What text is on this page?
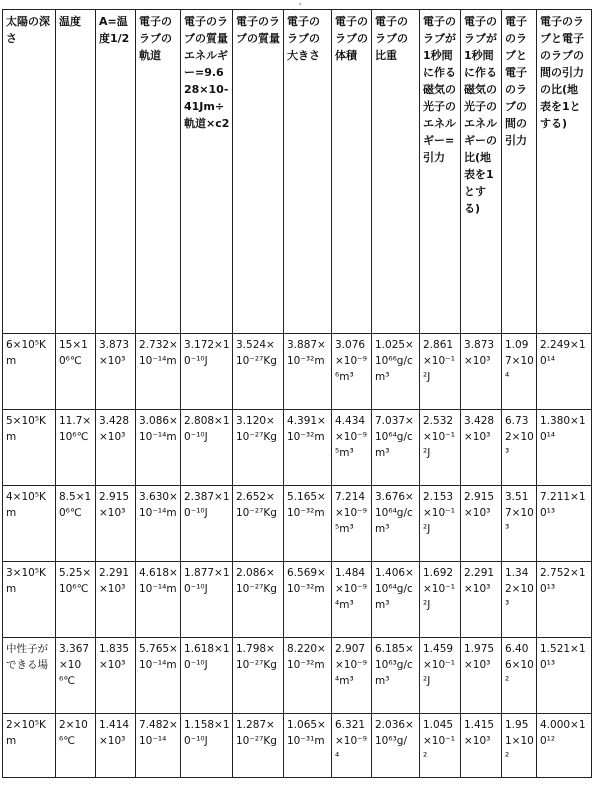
'
太陽の深さ	温度	A=温度1/2	電子のラブの軌道	電子のラブの質量エネルギー=9.628×10-41Jm÷軌道×c2	電子のラブの質量	電子のラブの大きさ	電子のラブの体積	電子のラブの比重	電子のラブが1秒間に作る磁気の光子のエネルギー=引力	電子のラブが1秒間に作る磁気の光子のエネルギーの比(地表を1とする)	電子のラブと電子のラブの間の引力	電子のラブと電子のラブの間の引力の比(地表を1とする)
6×10⁵Km	15×10⁶℃	3.873×10³	2.732×10⁻¹⁴m	3.172×10⁻¹⁰J	3.524×10⁻²⁷Kg	3.887×10⁻³²m	3.076×10⁻⁹⁶m³	1.025×10⁶⁶g/cm³	2.861×10⁻¹²J	3.873×10³	1.097×10⁴	2.249×10¹⁴
5×10⁵Km	11.7×10⁶℃	3.428×10³	3.086×10⁻¹⁴m	2.808×10⁻¹⁰J	3.120×10⁻²⁷Kg	4.391×10⁻³²m	4.434×10⁻⁹⁵m³	7.037×10⁶⁴g/cm³	2.532×10⁻¹²J	3.428×10³	6.732×10³	1.380×10¹⁴
4×10⁵Km	8.5×10⁶℃	2.915×10³	3.630×10⁻¹⁴m	2.387×10⁻¹⁰J	2.652×10⁻²⁷Kg	5.165×10⁻³²m	7.214×10⁻⁹⁵m³	3.676×10⁶⁴g/cm³	2.153×10⁻¹²J	2.915×10³	3.517×10³	7.211×10¹³
3×10⁵Km	5.25×10⁶℃	2.291×10³	4.618×10⁻¹⁴m	1.877×10⁻¹⁰J	2.086×10⁻²⁷Kg	6.569×10⁻³²m	1.484×10⁻⁹⁴m³	1.406×10⁶⁴g/cm³	1.692×10⁻¹²J	2.291×10³	1.342×10³	2.752×10¹³
中性子ができる場	3.367×10⁶℃	1.835×10³	5.765×10⁻¹⁴m	1.618×10⁻¹⁰J	1.798×10⁻²⁷Kg	8.220×10⁻³²m	2.907×10⁻⁹⁴m³	6.185×10⁶³g/cm³	1.459×10⁻¹²J	1.975×10³	6.406×10²	1.521×10¹³
2×10⁵Km	2×10⁶℃	1.414×10³	7.482×10⁻¹⁴	1.158×10⁻¹⁰J	1.287×10⁻²⁷Kg	1.065×10⁻³¹m	6.321×10⁻⁹⁴	2.036×10⁶³g/	1.045×10⁻¹²	1.415×10³	1.951×10²	4.000×10¹²
